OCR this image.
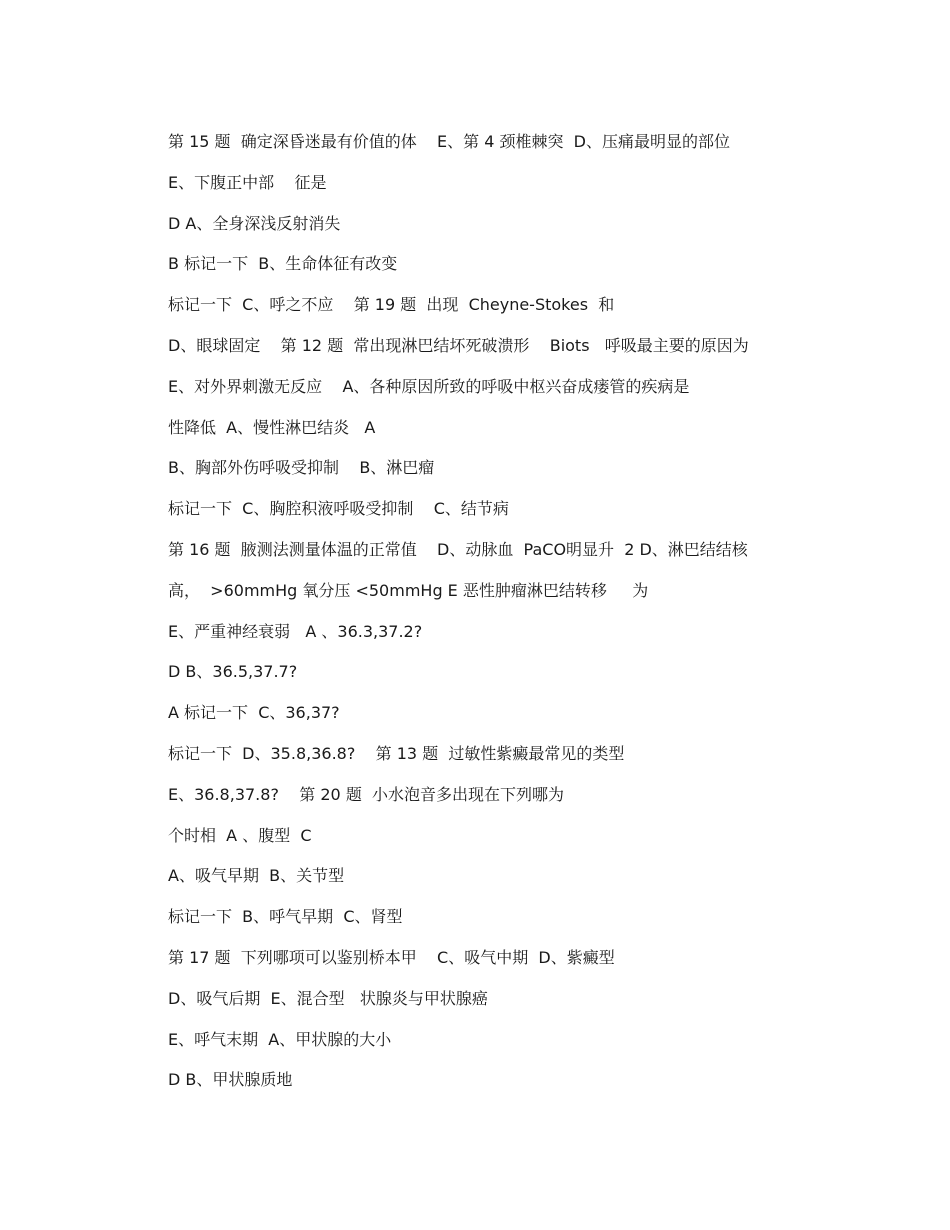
第 15 题  确定深昏迷最有价值的体    E、第 4 颈椎棘突  D、压痛最明显的部位
E、下腹正中部    征是
D A、全身深浅反射消失
B 标记一下  B、生命体征有改变
标记一下  C、呼之不应    第 19 题  出现  Cheyne-Stokes  和
D、眼球固定    第 12 题  常出现淋巴结坏死破溃形    Biots   呼吸最主要的原因为
E、对外界刺激无反应    A、各种原因所致的呼吸中枢兴奋成瘘管的疾病是
性降低  A、慢性淋巴结炎   A
B、胸部外伤呼吸受抑制    B、淋巴瘤
标记一下  C、胸腔积液呼吸受抑制    C、结节病
第 16 题  腋测法测量体温的正常值    D、动脉血  PaCO明显升  2 D、淋巴结结核
高，  >60mmHg 氧分压 <50mmHg E 恶性肿瘤淋巴结转移     为
E、严重神经衰弱   A 、36.3,37.2?
D B、36.5,37.7?
A 标记一下  C、36,37?
标记一下  D、35.8,36.8?    第 13 题  过敏性紫癜最常见的类型
E、36.8,37.8?    第 20 题  小水泡音多出现在下列哪为
个时相  A 、腹型  C
A、吸气早期  B、关节型
标记一下  B、呼气早期  C、肾型
第 17 题  下列哪项可以鉴别桥本甲    C、吸气中期  D、紫癜型
D、吸气后期  E、混合型   状腺炎与甲状腺癌
E、呼气末期  A、甲状腺的大小
D B、甲状腺质地
